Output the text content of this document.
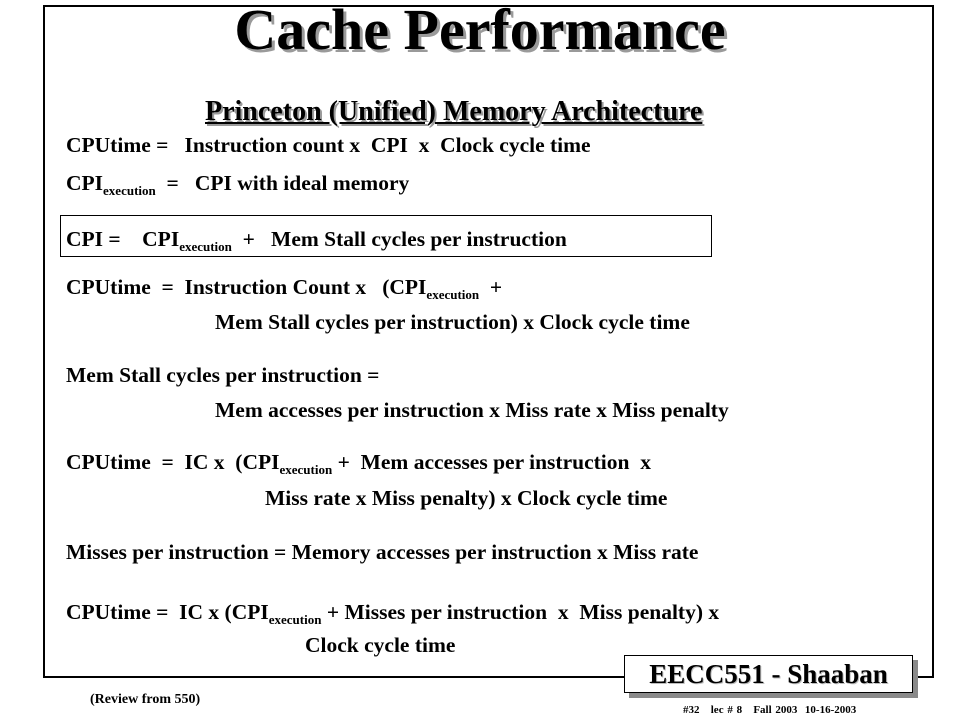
Cache Performance
Princeton (Unified) Memory Architecture
CPUtime =   Instruction count x  CPI  x  Clock cycle time
$CPI_{execution}$  =   CPI with ideal memory
CPI =    $CPI_{execution}$  +   Mem Stall cycles per instruction
CPUtime  =  Instruction Count x   ($CPI_{execution}$  +
Mem Stall cycles per instruction) x Clock cycle time
Mem Stall cycles per instruction =
Mem accesses per instruction x Miss rate x Miss penalty
CPUtime  =  IC x  ($CPI_{execution}$ +  Mem accesses per instruction  x
Miss rate x Miss penalty) x Clock cycle time
Misses per instruction = Memory accesses per instruction x Miss rate
CPUtime =  IC x ($CPI_{execution}$ + Misses per instruction  x  Miss penalty) x
Clock cycle time
EECC551 - Shaaban
(Review from 550)
#32   lec # 8   Fall 2003  10-16-2003
